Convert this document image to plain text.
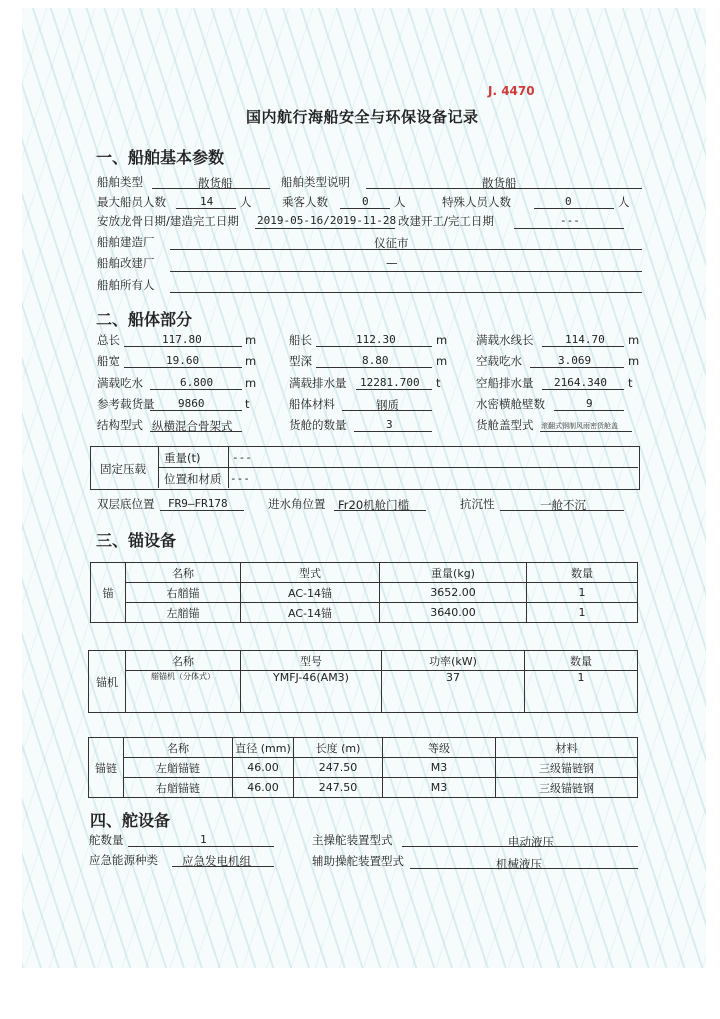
J. 4470
国内航行海船安全与环保设备记录
一、船舶基本参数
船舶类型	散货船	船舶类型说明	散货船
最大船员人数	14 人	乘客人数	0 人	特殊人员人数	0	人
安放龙骨日期/建造完工日期 2019-05-16/2019-11-28 改建开工/完工日期	---
船舶建造厂	仪征市
船舶改建厂	—
船舶所有人
二、船体部分
总长	117.80	m	船长	112.30	m	满载水线长	114.70 m
船宽	19.60	m	型深	8.80	m	空载吃水	3.069	m
满载吃水	6.800	m	满载排水量 12281.700 t	空船排水量 2164.340 t
参考载货量 9860	t	船体材料	钢质	水密横舱壁数	9
结构型式 纵横混合骨架式	货舱的数量	3	货舱盖型式 滚翻式钢制风雨密货舱盖
固定压载
重量(t)	---
位置和材质 ---
双层底位置 FR9—FR178	进水角位置 Fr20机舱门槛	抗沉性	一舱不沉
三、锚设备
锚	名称	型式	重量(kg)	数量
	右艏锚	AC-14锚	3652.00	1
	左艏锚	AC-14锚	3640.00	1
锚机	名称	型号	功率(kW)	数量
	艏锚机（分体式）	YMFJ-46(AM3)	37	1
锚链	名称	直径 (mm)	长度 (m)	等级	材料
	左艏锚链	46.00	247.50	M3	三级锚链钢
	右艏锚链	46.00	247.50	M3	三级锚链钢
四、舵设备
舵数量	1	主操舵装置型式	电动液压
应急能源种类 应急发电机组	辅助操舵装置型式	机械液压
